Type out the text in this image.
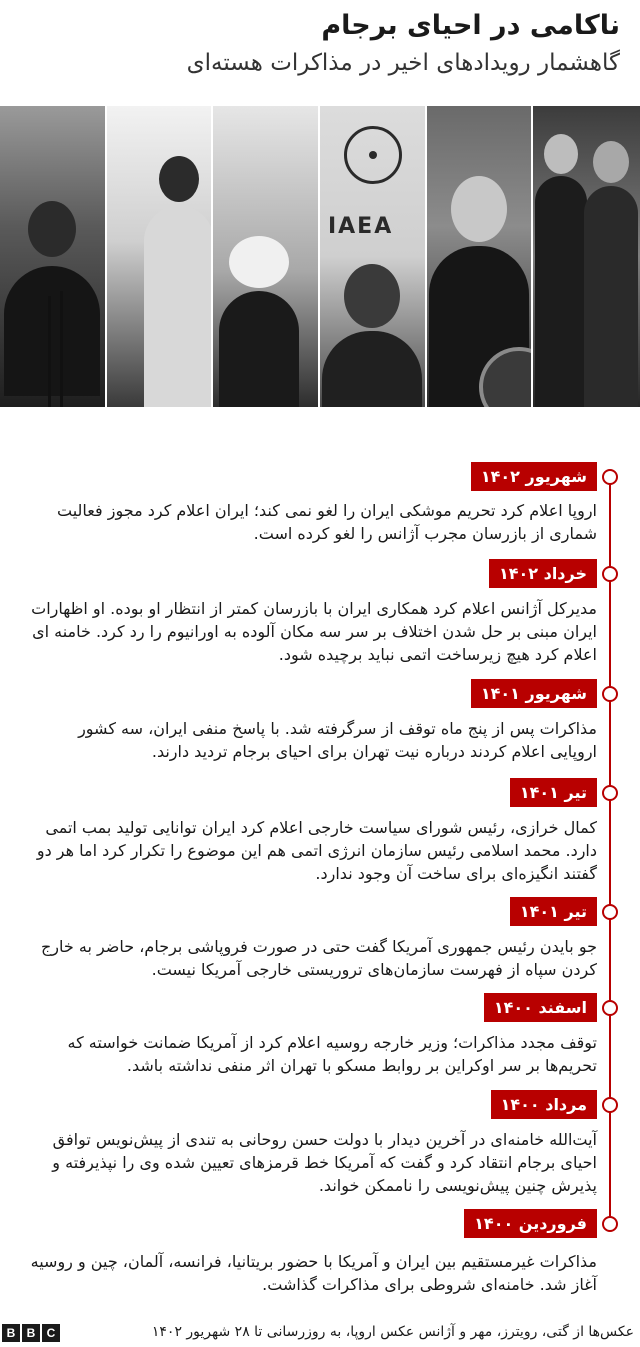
ناکامی در احیای برجام
گاهشمار رویدادهای اخیر در مذاکرات هسته‌ای
IAEA
شهریور ۱۴۰۲
اروپا اعلام کرد تحریم موشکی ایران را لغو نمی کند؛ ایران اعلام کرد مجوز فعالیت شماری از بازرسان مجرب آژانس را لغو کرده است.
خرداد ۱۴۰۲
مدیرکل آژانس اعلام کرد همکاری ایران با بازرسان کمتر از انتظار او بوده. او اظهارات ایران مبنی بر حل شدن اختلاف بر سر سه مکان آلوده به اورانیوم را رد کرد. خامنه ای اعلام کرد هیچ زیرساخت اتمی نباید برچیده شود.
شهریور ۱۴۰۱
مذاکرات پس از پنج ماه توقف از سرگرفته شد. با پاسخ منفی ایران، سه کشور اروپایی اعلام کردند درباره نیت تهران برای احیای برجام تردید دارند.
تیر ۱۴۰۱
کمال خرازی، رئیس شورای سیاست خارجی اعلام کرد ایران توانایی تولید بمب اتمی دارد. محمد اسلامی رئیس سازمان انرژی اتمی هم این موضوع را تکرار کرد اما هر دو گفتند انگیزه‌ای برای ساخت آن وجود ندارد.
تیر ۱۴۰۱
جو بایدن رئیس جمهوری آمریکا گفت حتی در صورت فروپاشی برجام، حاضر به خارج کردن سپاه از فهرست سازمان‌های تروریستی خارجی آمریکا نیست.
اسفند ۱۴۰۰
توقف مجدد مذاکرات؛ وزیر خارجه روسیه اعلام کرد از آمریکا ضمانت خواسته که تحریم‌ها بر سر اوکراین بر روابط مسکو با تهران اثر منفی نداشته باشد.
مرداد ۱۴۰۰
آیت‌الله خامنه‌ای در آخرین دیدار با دولت حسن روحانی به تندی از پیش‌نویس توافق احیای برجام انتقاد کرد و گفت که آمریکا خط قرمزهای تعیین شده وی را نپذیرفته و پذیرش چنین پیش‌نویسی را ناممکن خواند.
فروردین ۱۴۰۰
مذاکرات غیرمستقیم بین ایران و آمریکا با حضور بریتانیا، فرانسه، آلمان، چین و روسیه آغاز شد. خامنه‌ای شروطی برای مذاکرات گذاشت.
B B C	عکس‌ها از گتی، رویترز، مهر و آژانس عکس اروپا، به روزرسانی تا ۲۸ شهریور ۱۴۰۲
